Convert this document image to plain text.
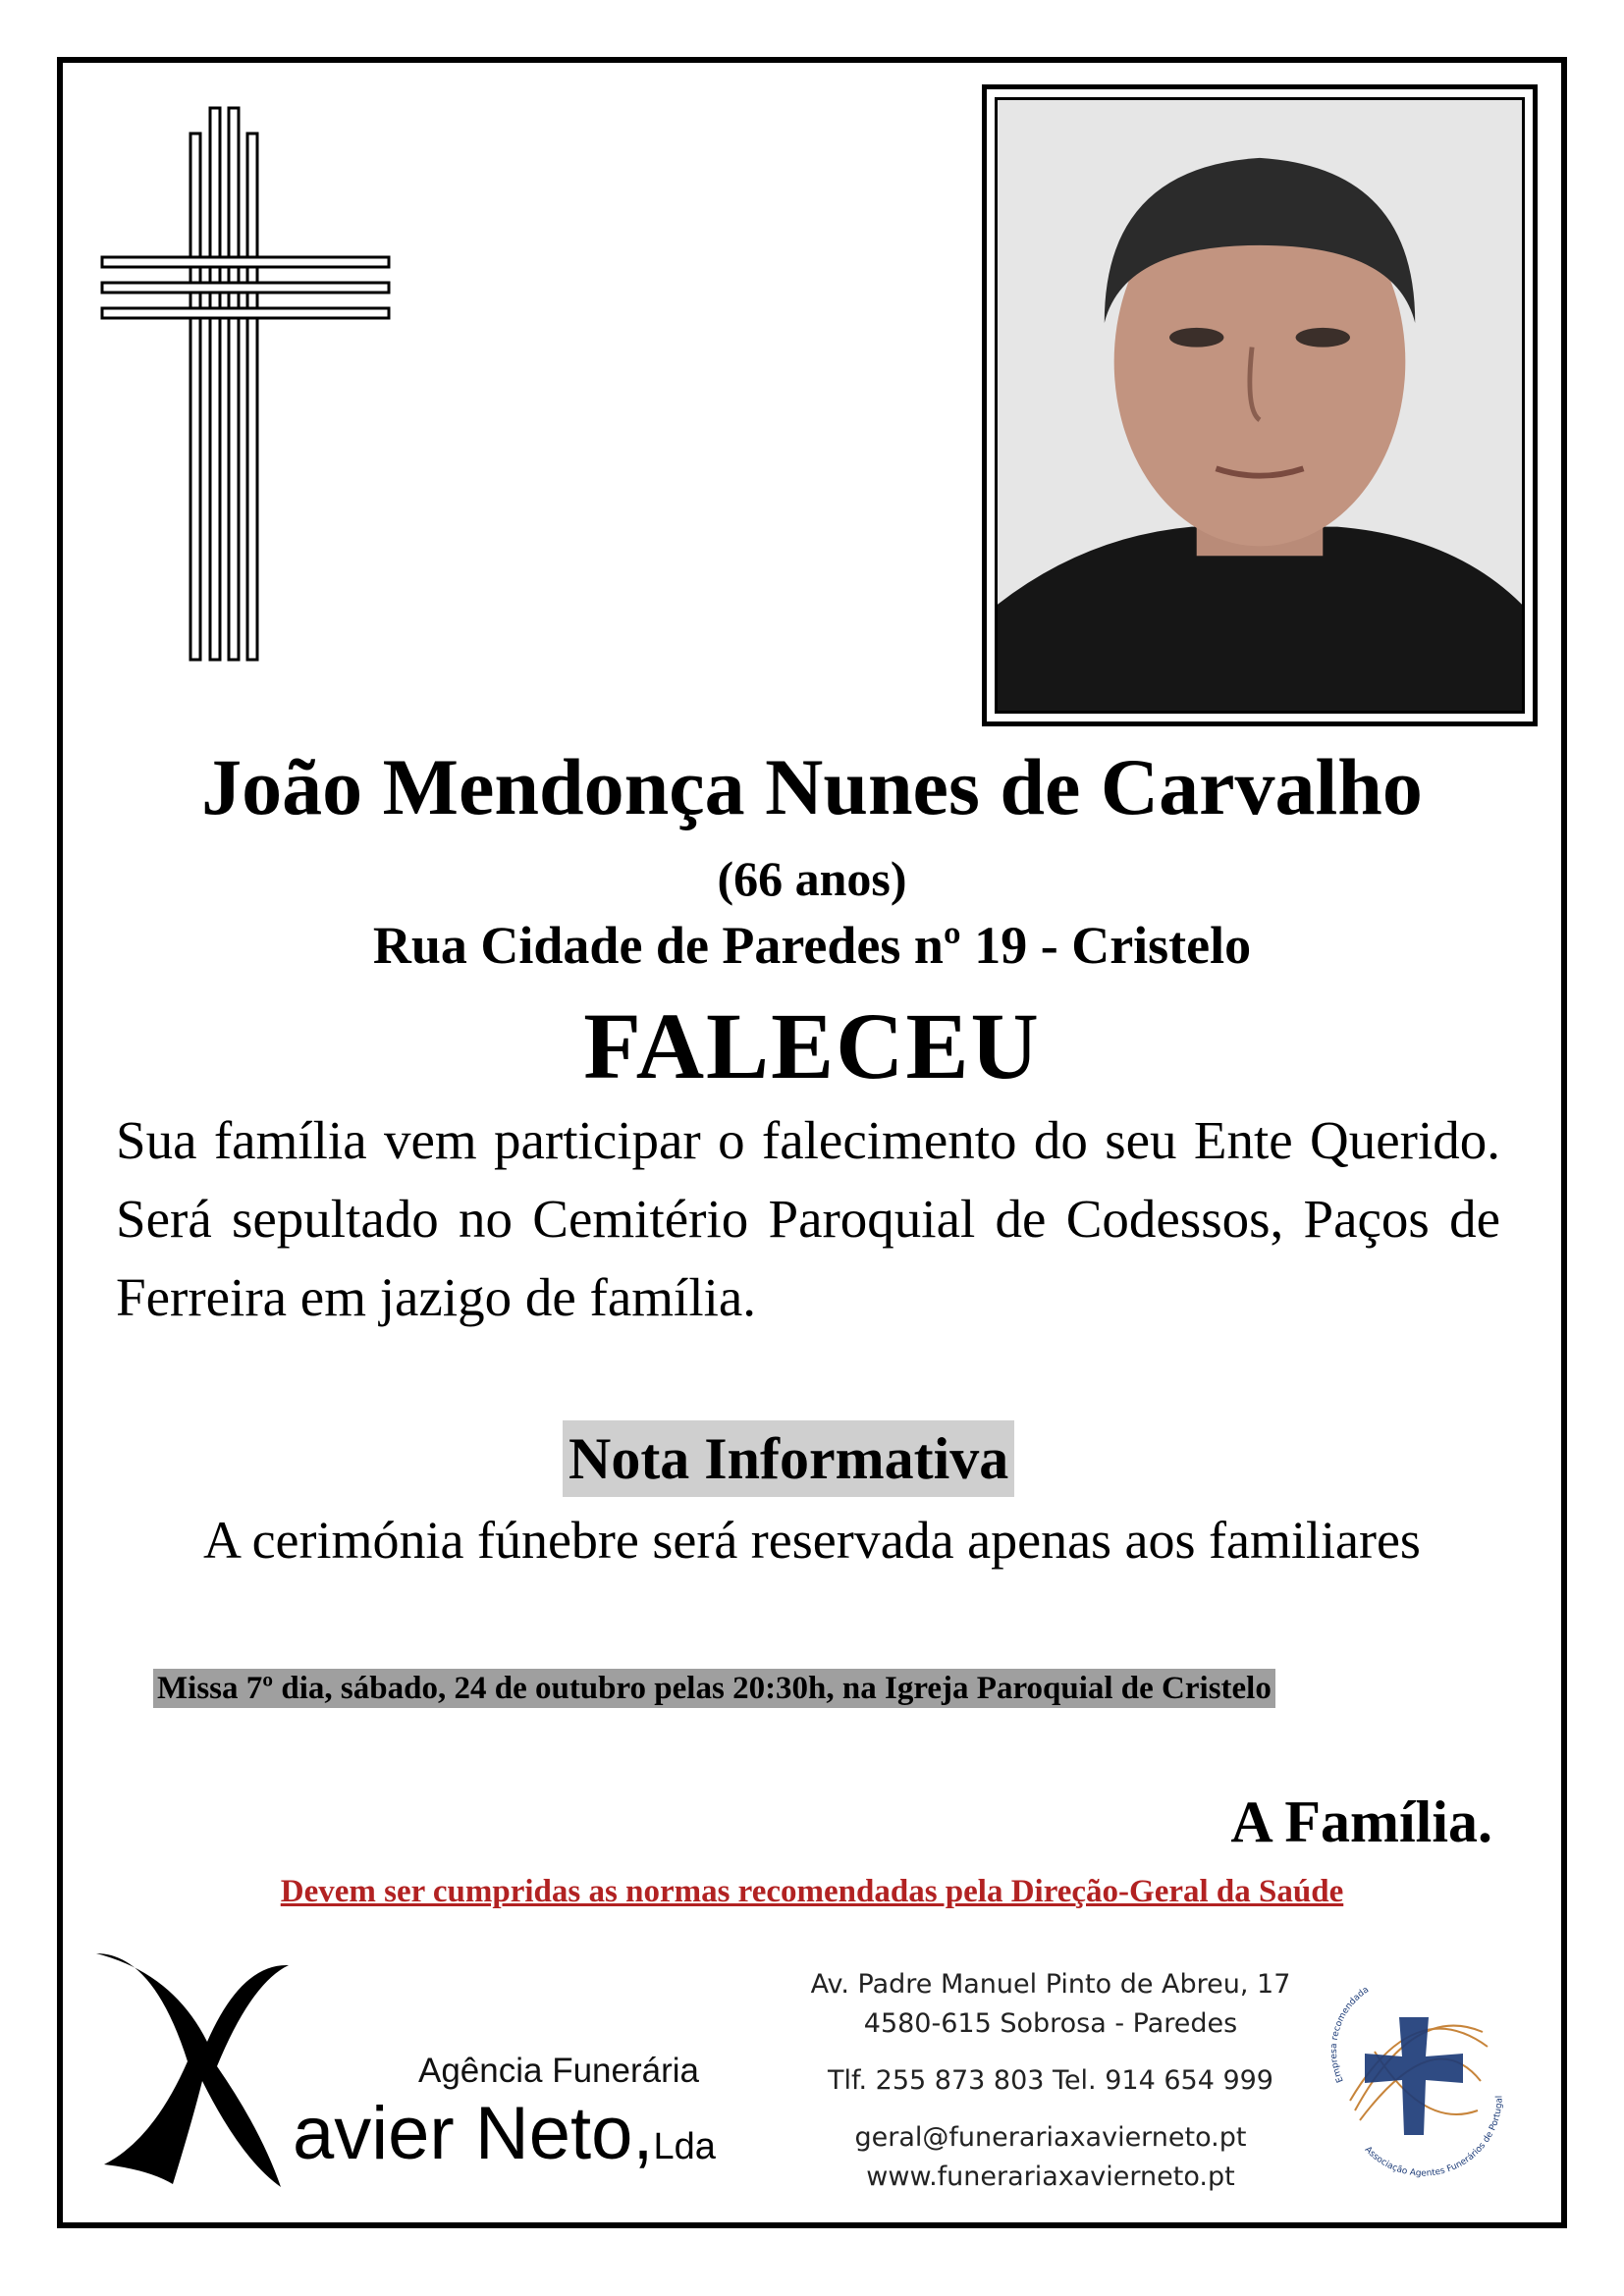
João Mendonça Nunes de Carvalho
(66 anos)
Rua Cidade de Paredes nº 19 - Cristelo
FALECEU
Sua família vem participar o falecimento do seu Ente Querido. Será sepultado no Cemitério Paroquial de Codessos, Paços de Ferreira em jazigo de família.
Nota Informativa
A cerimónia fúnebre será reservada apenas aos familiares
Missa 7º dia, sábado, 24 de outubro pelas 20:30h, na Igreja Paroquial de Cristelo
A Família.
Devem ser cumpridas as normas recomendadas pela Direção-Geral da Saúde
Agência Funerária
avier Neto,Lda
Av. Padre Manuel Pinto de Abreu, 17
4580-615 Sobrosa - Paredes
Tlf. 255 873 803 Tel. 914 654 999
geral@funerariaxavierneto.pt
www.funerariaxavierneto.pt
Empresa recomendada
Associação Agentes Funerários de Portugal
